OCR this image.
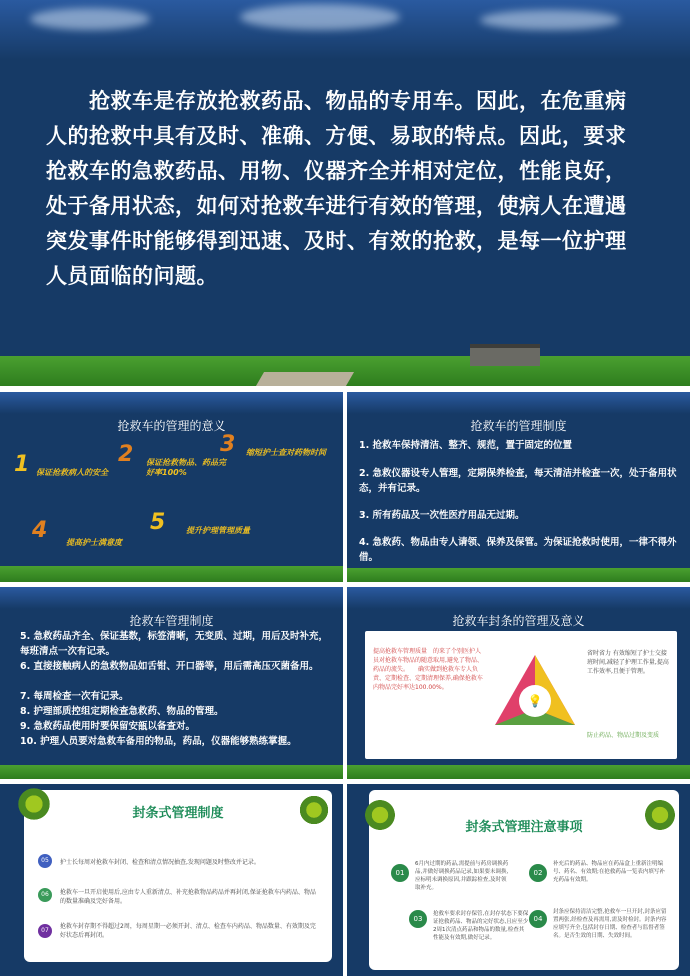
　　抢救车是存放抢救药品、物品的专用车。因此，在危重病人的抢救中具有及时、准确、方便、易取的特点。因此，要求抢救车的急救药品、用物、仪器齐全并相对定位，性能良好，处于备用状态，如何对抢救车进行有效的管理，使病人在遭遇突发事件时能够得到迅速、及时、有效的抢救，是每一位护理人员面临的问题。
抢救车的管理的意义
1 保证抢救病人的安全
2 保证抢救物品、药品完好率100%
3 缩短护士查对药物时间
4 提高护士满意度
5	提升护理管理质量
抢救车的管理制度
1. 抢救车保持清洁、整齐、规范，置于固定的位置
2. 急救仪器设专人管理，定期保养检查，每天清洁并检查一次，处于备用状态，并有记录。
3. 所有药品及一次性医疗用品无过期。
4. 急救药、物品由专人请领、保养及保管。为保证抢救时使用，一律不得外借。
抢救车管理制度
5. 急救药品齐全、保证基数，标签清晰，无变质、过期，用后及时补充，每班清点一次有记录。
6. 直接接触病人的急救物品如舌钳、开口器等，用后需高压灭菌备用。
7. 每周检查一次有记录。
8. 护理部质控组定期检查急救药、物品的管理。
9. 急救药品使用时要保留安瓿以备查对。
10. 护理人员要对急救车备用的物品，药品，仪器能够熟练掌握。
抢救车封条的管理及意义
提高抢救车管理质量　的来了个别医护人员对抢救车物品的随意取用,避免了物品、药品的流失。　　确实做到抢救车专人负责、定期检查、定期清理保养,确保抢救车内物品完好率达100.00%。
💡
省时省力 有效缩短了护士交接班时间,减轻了护理工作量,提高工作效率,且便于管理。
防止药品、物品过期及变质
封条式管理制度
05	护士长每周对抢救车封闭、检查和清点情况抽查,发现问题及时整改并记录。
06	抢救车一旦开启使用后,应由专人重新清点、补充抢救物品药品并再封闭,保证抢救车内药品、物品的数量准确及完好备用。
07
抢救车封存期不得超过2周，每周星期一必须开封、清点、检查车内药品、物品数量、有效期及完好状态后再封闭。
封条式管理注意事项
01
6月内过期的药品,需提前与药房调换药品,并做好调换药品记录,如果要未调换,应标明未调换原因,并跟踪检查,及时领取补充。
02
补充后的药品、物品应在药品盒上重新注明编号、药名、有效期;在抢救药品一览表内填写补充药品有效期。
03
抢救车要求封存保管,在封存状态下要保证抢救药品、物品的完好状态,且应至少2周1次清点药品和物品的数量,检查其性能及有效期,做好记录。
04
封条应保持清洁完整,抢救车一旦开封,封条应留置两张,经检查及再需用,需及时检封。封条内容应填写齐全,包括封存日期、检查者与监督者签名。是否生效的日期、失效时间。
